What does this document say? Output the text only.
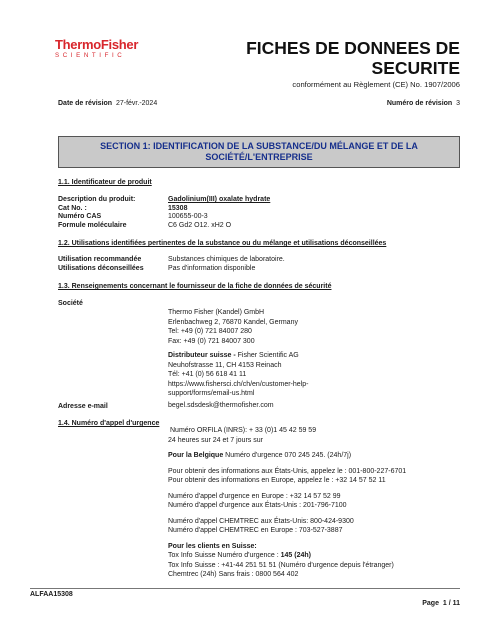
ThermoFisher
SCIENTIFIC	FICHES DE DONNEES DE SECURITE
conformément au Règlement (CE) No. 1907/2006
Date de révision 27-févr.-2024	Numéro de révision 3
SECTION 1: IDENTIFICATION DE LA SUBSTANCE/DU MÉLANGE ET DE LA SOCIÉTÉ/L'ENTREPRISE
1.1. Identificateur de produit
Description du produit:	Gadolinium(III) oxalate hydrate
Cat No. :	15308
Numéro CAS	100655-00-3
Formule moléculaire	C6 Gd2 O12. xH2 O
1.2. Utilisations identifiées pertinentes de la substance ou du mélange et utilisations déconseillées
Utilisation recommandée	Substances chimiques de laboratoire.
Utilisations déconseillées	Pas d'information disponible
1.3. Renseignements concernant le fournisseur de la fiche de données de sécurité
Société
Thermo Fisher (Kandel) GmbH
Erlenbachweg 2, 76870 Kandel, Germany
Tel: +49 (0) 721 84007 280
Fax: +49 (0) 721 84007 300
Distributeur suisse - Fisher Scientific AG
Neuhofstrasse 11, CH 4153 Reinach
Tél: +41 (0) 56 618 41 11
https://www.fishersci.ch/ch/en/customer-help-
support/forms/email-us.html
Adresse e-mail	begel.sdsdesk@thermofisher.com
1.4. Numéro d'appel d'urgence
Numéro ORFILA (INRS): + 33 (0)1 45 42 59 59
24 heures sur 24 et 7 jours sur
Pour la Belgique Numéro d'urgence 070 245 245. (24h/7j)
Pour obtenir des informations aux États-Unis, appelez le : 001-800-227-6701
Pour obtenir des informations en Europe, appelez le : +32 14 57 52 11
Numéro d'appel d'urgence en Europe : +32 14 57 52 99
Numéro d'appel d'urgence aux États-Unis : 201-796-7100
Numéro d'appel CHEMTREC aux États-Unis: 800-424-9300
Numéro d'appel CHEMTREC en Europe : 703-527-3887
Pour les clients en Suisse:
Tox Info Suisse Numéro d'urgence : 145 (24h)
Tox Info Suisse : +41-44 251 51 51 (Numéro d'urgence depuis l'étranger)
Chemtrec (24h) Sans frais : 0800 564 402
ALFAA15308
Page 1 / 11
